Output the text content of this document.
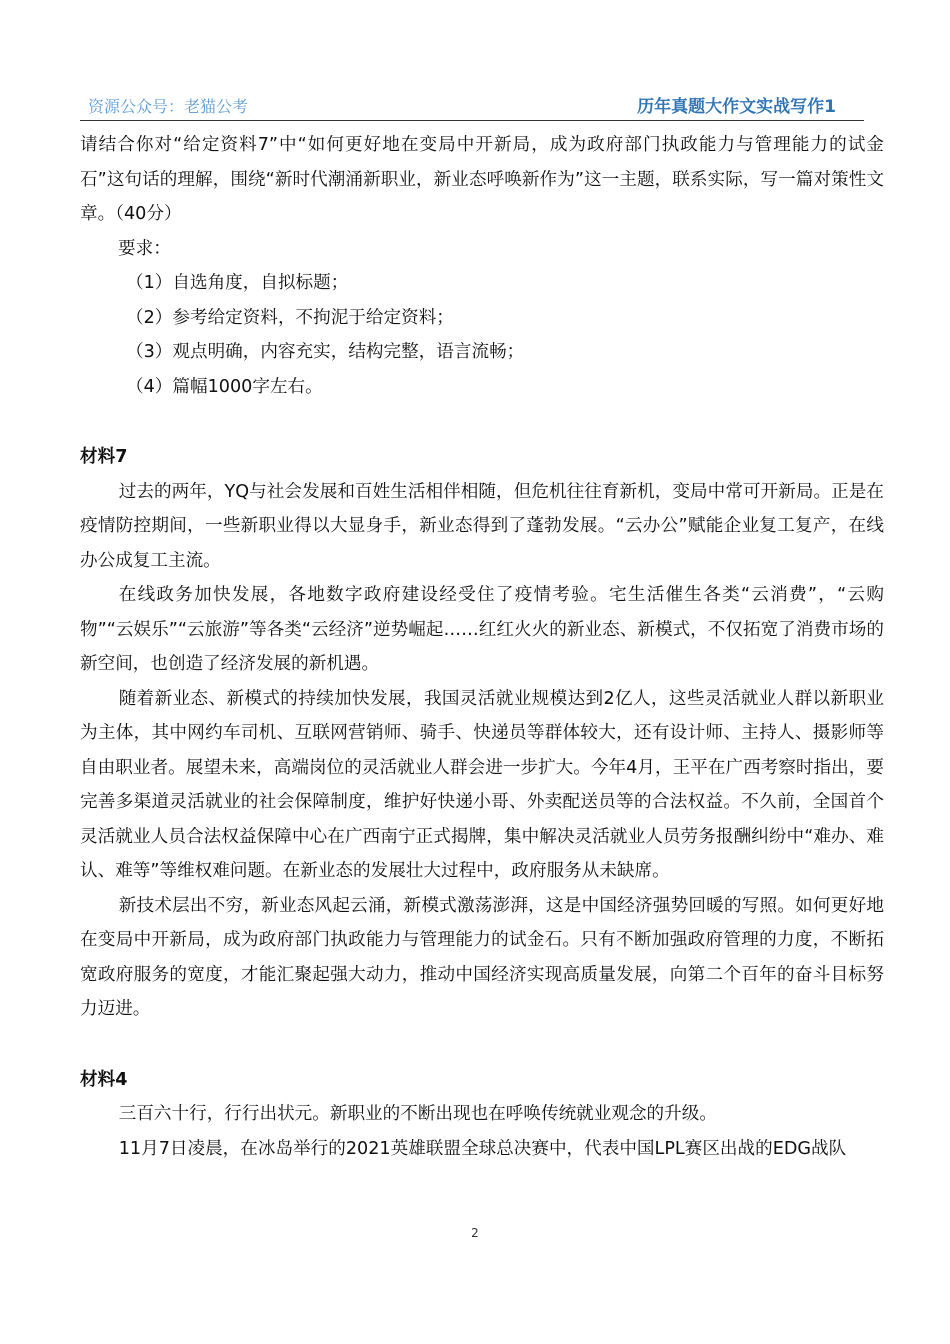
资源公众号：老猫公考	历年真题大作文实战写作1

请结合你对“给定资料7”中“如何更好地在变局中开新局，成为政府部门执政能力与管理能力的试金石”这句话的理解，围绕“新时代潮涌新职业，新业态呼唤新作为”这一主题，联系实际，写一篇对策性文章。（40分）

要求：

（1）自选角度，自拟标题；
（2）参考给定资料，不拘泥于给定资料；
（3）观点明确，内容充实，结构完整，语言流畅；
（4）篇幅1000字左右。

材料7

过去的两年，YQ与社会发展和百姓生活相伴相随，但危机往往育新机，变局中常可开新局。正是在疫情防控期间，一些新职业得以大显身手，新业态得到了蓬勃发展。“云办公”赋能企业复工复产，在线办公成复工主流。

在线政务加快发展，各地数字政府建设经受住了疫情考验。宅生活催生各类“云消费”，“云购物”“云娱乐”“云旅游”等各类“云经济”逆势崛起……红红火火的新业态、新模式，不仅拓宽了消费市场的新空间，也创造了经济发展的新机遇。

随着新业态、新模式的持续加快发展，我国灵活就业规模达到2亿人，这些灵活就业人群以新职业为主体，其中网约车司机、互联网营销师、骑手、快递员等群体较大，还有设计师、主持人、摄影师等自由职业者。展望未来，高端岗位的灵活就业人群会进一步扩大。今年4月，王平在广西考察时指出，要完善多渠道灵活就业的社会保障制度，维护好快递小哥、外卖配送员等的合法权益。不久前，全国首个灵活就业人员合法权益保障中心在广西南宁正式揭牌，集中解决灵活就业人员劳务报酬纠纷中“难办、难认、难等”等维权难问题。在新业态的发展壮大过程中，政府服务从未缺席。

新技术层出不穷，新业态风起云涌，新模式激荡澎湃，这是中国经济强势回暖的写照。如何更好地在变局中开新局，成为政府部门执政能力与管理能力的试金石。只有不断加强政府管理的力度，不断拓宽政府服务的宽度，才能汇聚起强大动力，推动中国经济实现高质量发展，向第二个百年的奋斗目标努力迈进。

材料4

三百六十行，行行出状元。新职业的不断出现也在呼唤传统就业观念的升级。

11月7日凌晨，在冰岛举行的2021英雄联盟全球总决赛中，代表中国LPL赛区出战的EDG战队

2
